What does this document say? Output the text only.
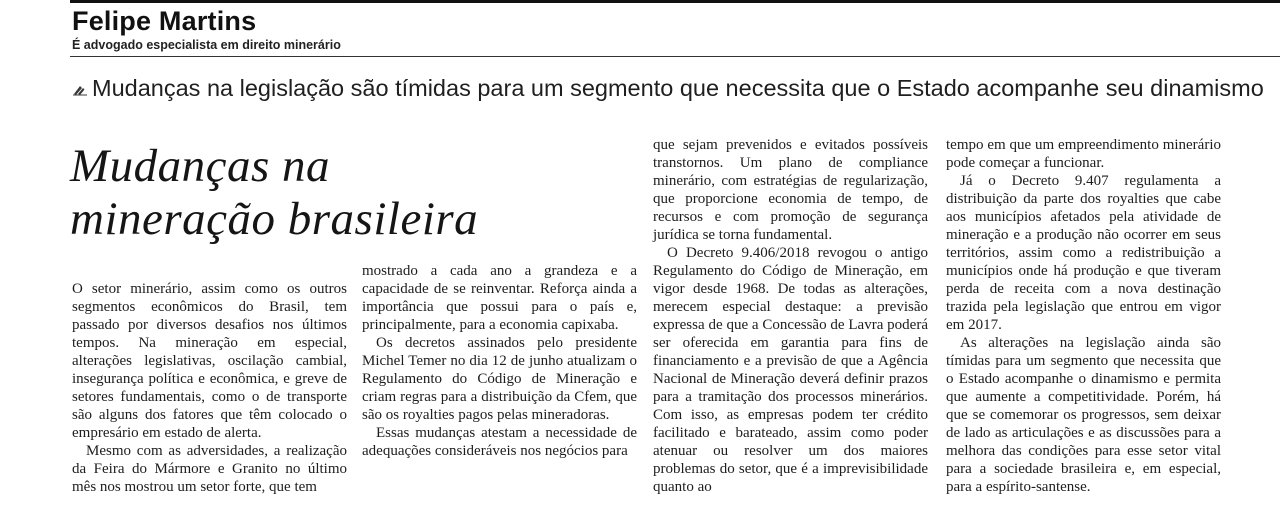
Felipe Martins
É advogado especialista em direito minerário
Mudanças na legislação são tímidas para um segmento que necessita que o Estado acompanhe seu dinamismo
Mudanças na
mineração brasileira

O setor minerário, assim como os outros segmentos econômicos do Brasil, tem passado por diversos desafios nos últimos tempos. Na mineração em especial, alterações legislativas, oscilação cambial, insegurança política e econômica, e greve de setores fundamentais, como o de transporte são alguns dos fatores que têm colocado o empresário em estado de alerta.

Mesmo com as adversidades, a realização da Feira do Mármore e Granito no último mês nos mostrou um setor forte, que tem

mostrado a cada ano a grandeza e a capacidade de se reinventar. Reforça ainda a importância que possui para o país e, principalmente, para a economia capixaba.

Os decretos assinados pelo presidente Michel Temer no dia 12 de junho atualizam o Regulamento do Código de Mineração e criam regras para a distribuição da Cfem, que são os royalties pagos pelas mineradoras.

Essas mudanças atestam a necessidade de adequações consideráveis nos negócios para

que sejam prevenidos e evitados possíveis transtornos. Um plano de compliance minerário, com estratégias de regularização, que proporcione economia de tempo, de recursos e com promoção de segurança jurídica se torna fundamental.

O Decreto 9.406/2018 revogou o antigo Regulamento do Código de Mineração, em vigor desde 1968. De todas as alterações, merecem especial destaque: a previsão expressa de que a Concessão de Lavra poderá ser oferecida em garantia para fins de financiamento e a previsão de que a Agência Nacional de Mineração deverá definir prazos para a tramitação dos processos minerários. Com isso, as empresas podem ter crédito facilitado e barateado, assim como poder atenuar ou resolver um dos maiores problemas do setor, que é a imprevisibilidade quanto ao

tempo em que um empreendimento minerário pode começar a funcionar.

Já o Decreto 9.407 regulamenta a distribuição da parte dos royalties que cabe aos municípios afetados pela atividade de mineração e a produção não ocorrer em seus territórios, assim como a redistribuição a municípios onde há produção e que tiveram perda de receita com a nova destinação trazida pela legislação que entrou em vigor em 2017.

As alterações na legislação ainda são tímidas para um segmento que necessita que o Estado acompanhe o dinamismo e permita que aumente a competitividade. Porém, há que se comemorar os progressos, sem deixar de lado as articulações e as discussões para a melhora das condições para esse setor vital para a sociedade brasileira e, em especial, para a espírito-santense.
